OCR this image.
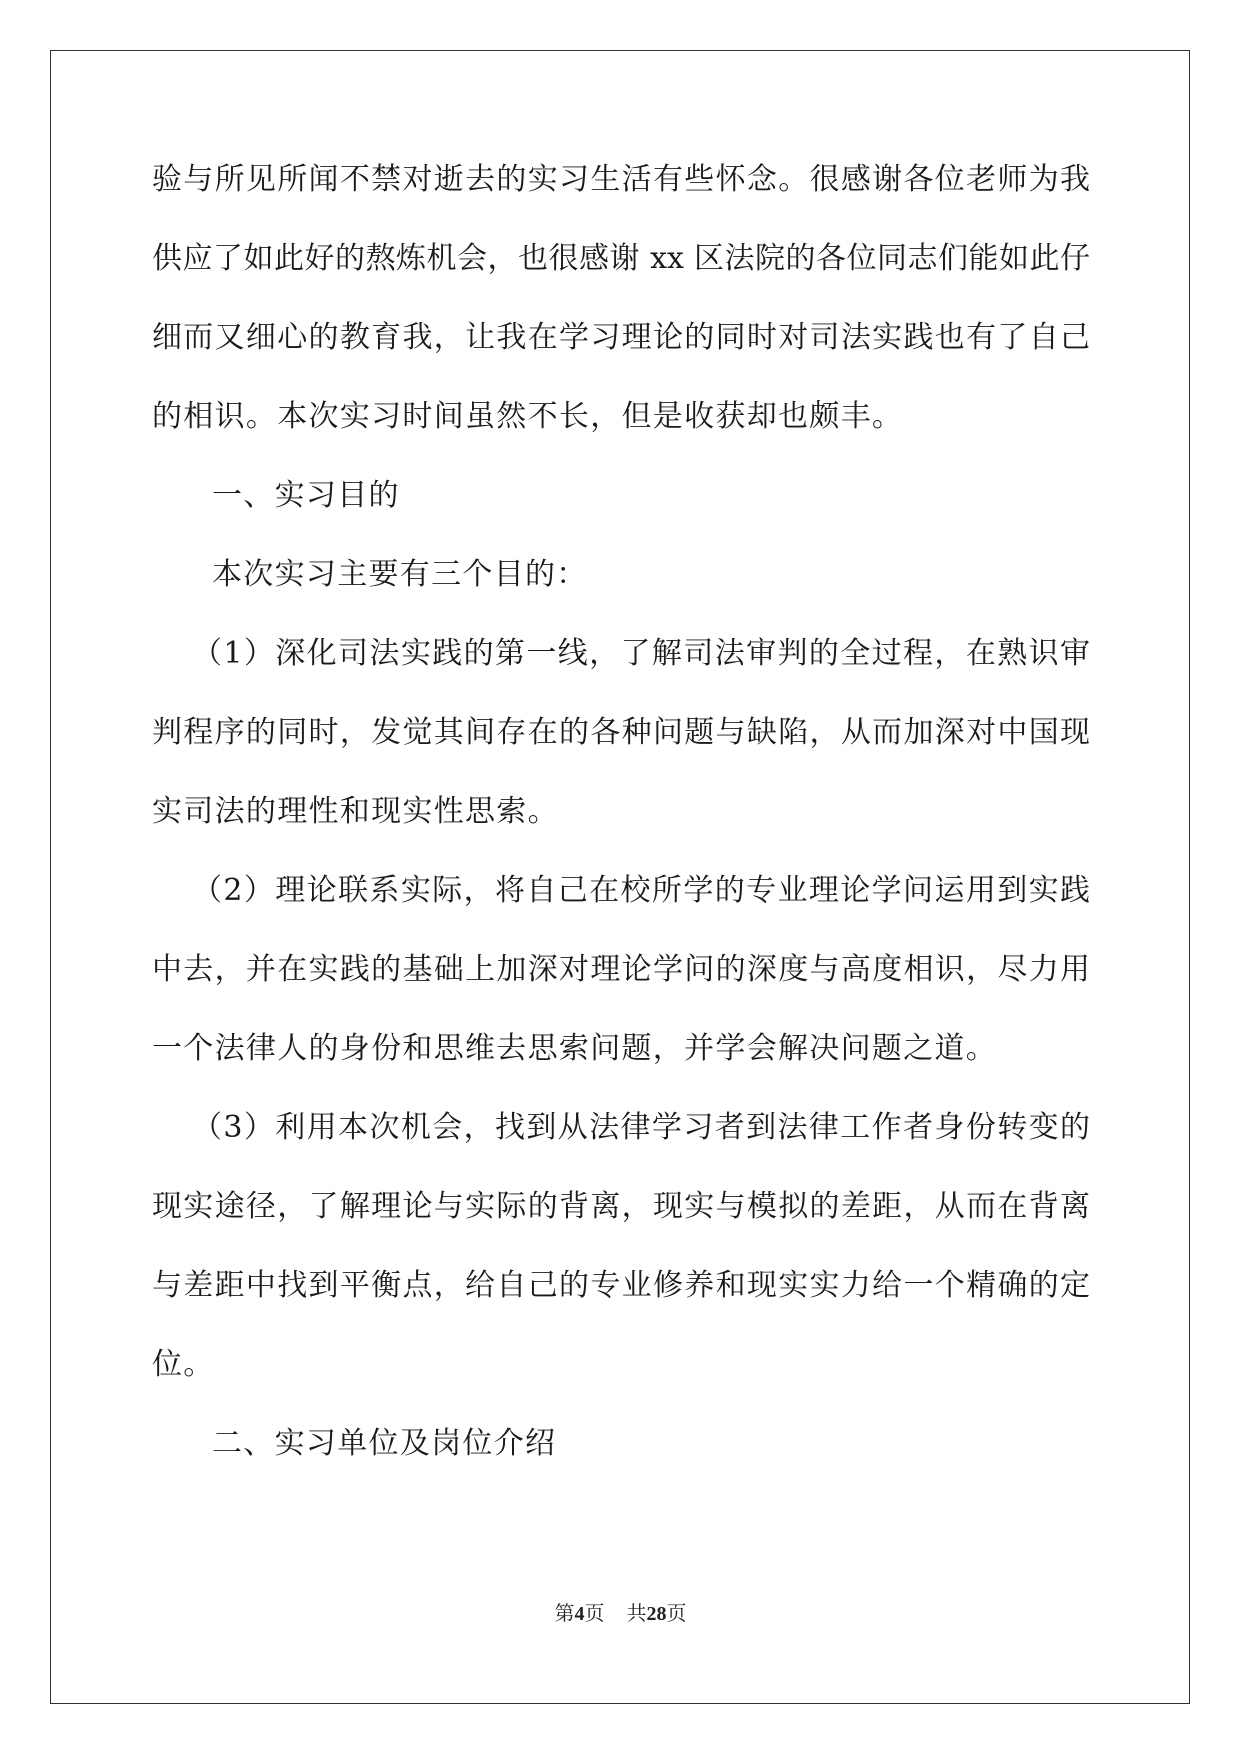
验与所见所闻不禁对逝去的实习生活有些怀念。很感谢各位老师为我
供应了如此好的熬炼机会，也很感谢 xx 区法院的各位同志们能如此仔
细而又细心的教育我，让我在学习理论的同时对司法实践也有了自己
的相识。本次实习时间虽然不长，但是收获却也颇丰。
一、实习目的
本次实习主要有三个目的：
（1）深化司法实践的第一线，了解司法审判的全过程，在熟识审
判程序的同时，发觉其间存在的各种问题与缺陷，从而加深对中国现
实司法的理性和现实性思索。
（2）理论联系实际，将自己在校所学的专业理论学问运用到实践
中去，并在实践的基础上加深对理论学问的深度与高度相识，尽力用
一个法律人的身份和思维去思索问题，并学会解决问题之道。
（3）利用本次机会，找到从法律学习者到法律工作者身份转变的
现实途径，了解理论与实际的背离，现实与模拟的差距，从而在背离
与差距中找到平衡点，给自己的专业修养和现实实力给一个精确的定
位。
二、实习单位及岗位介绍
第4页 共28页
